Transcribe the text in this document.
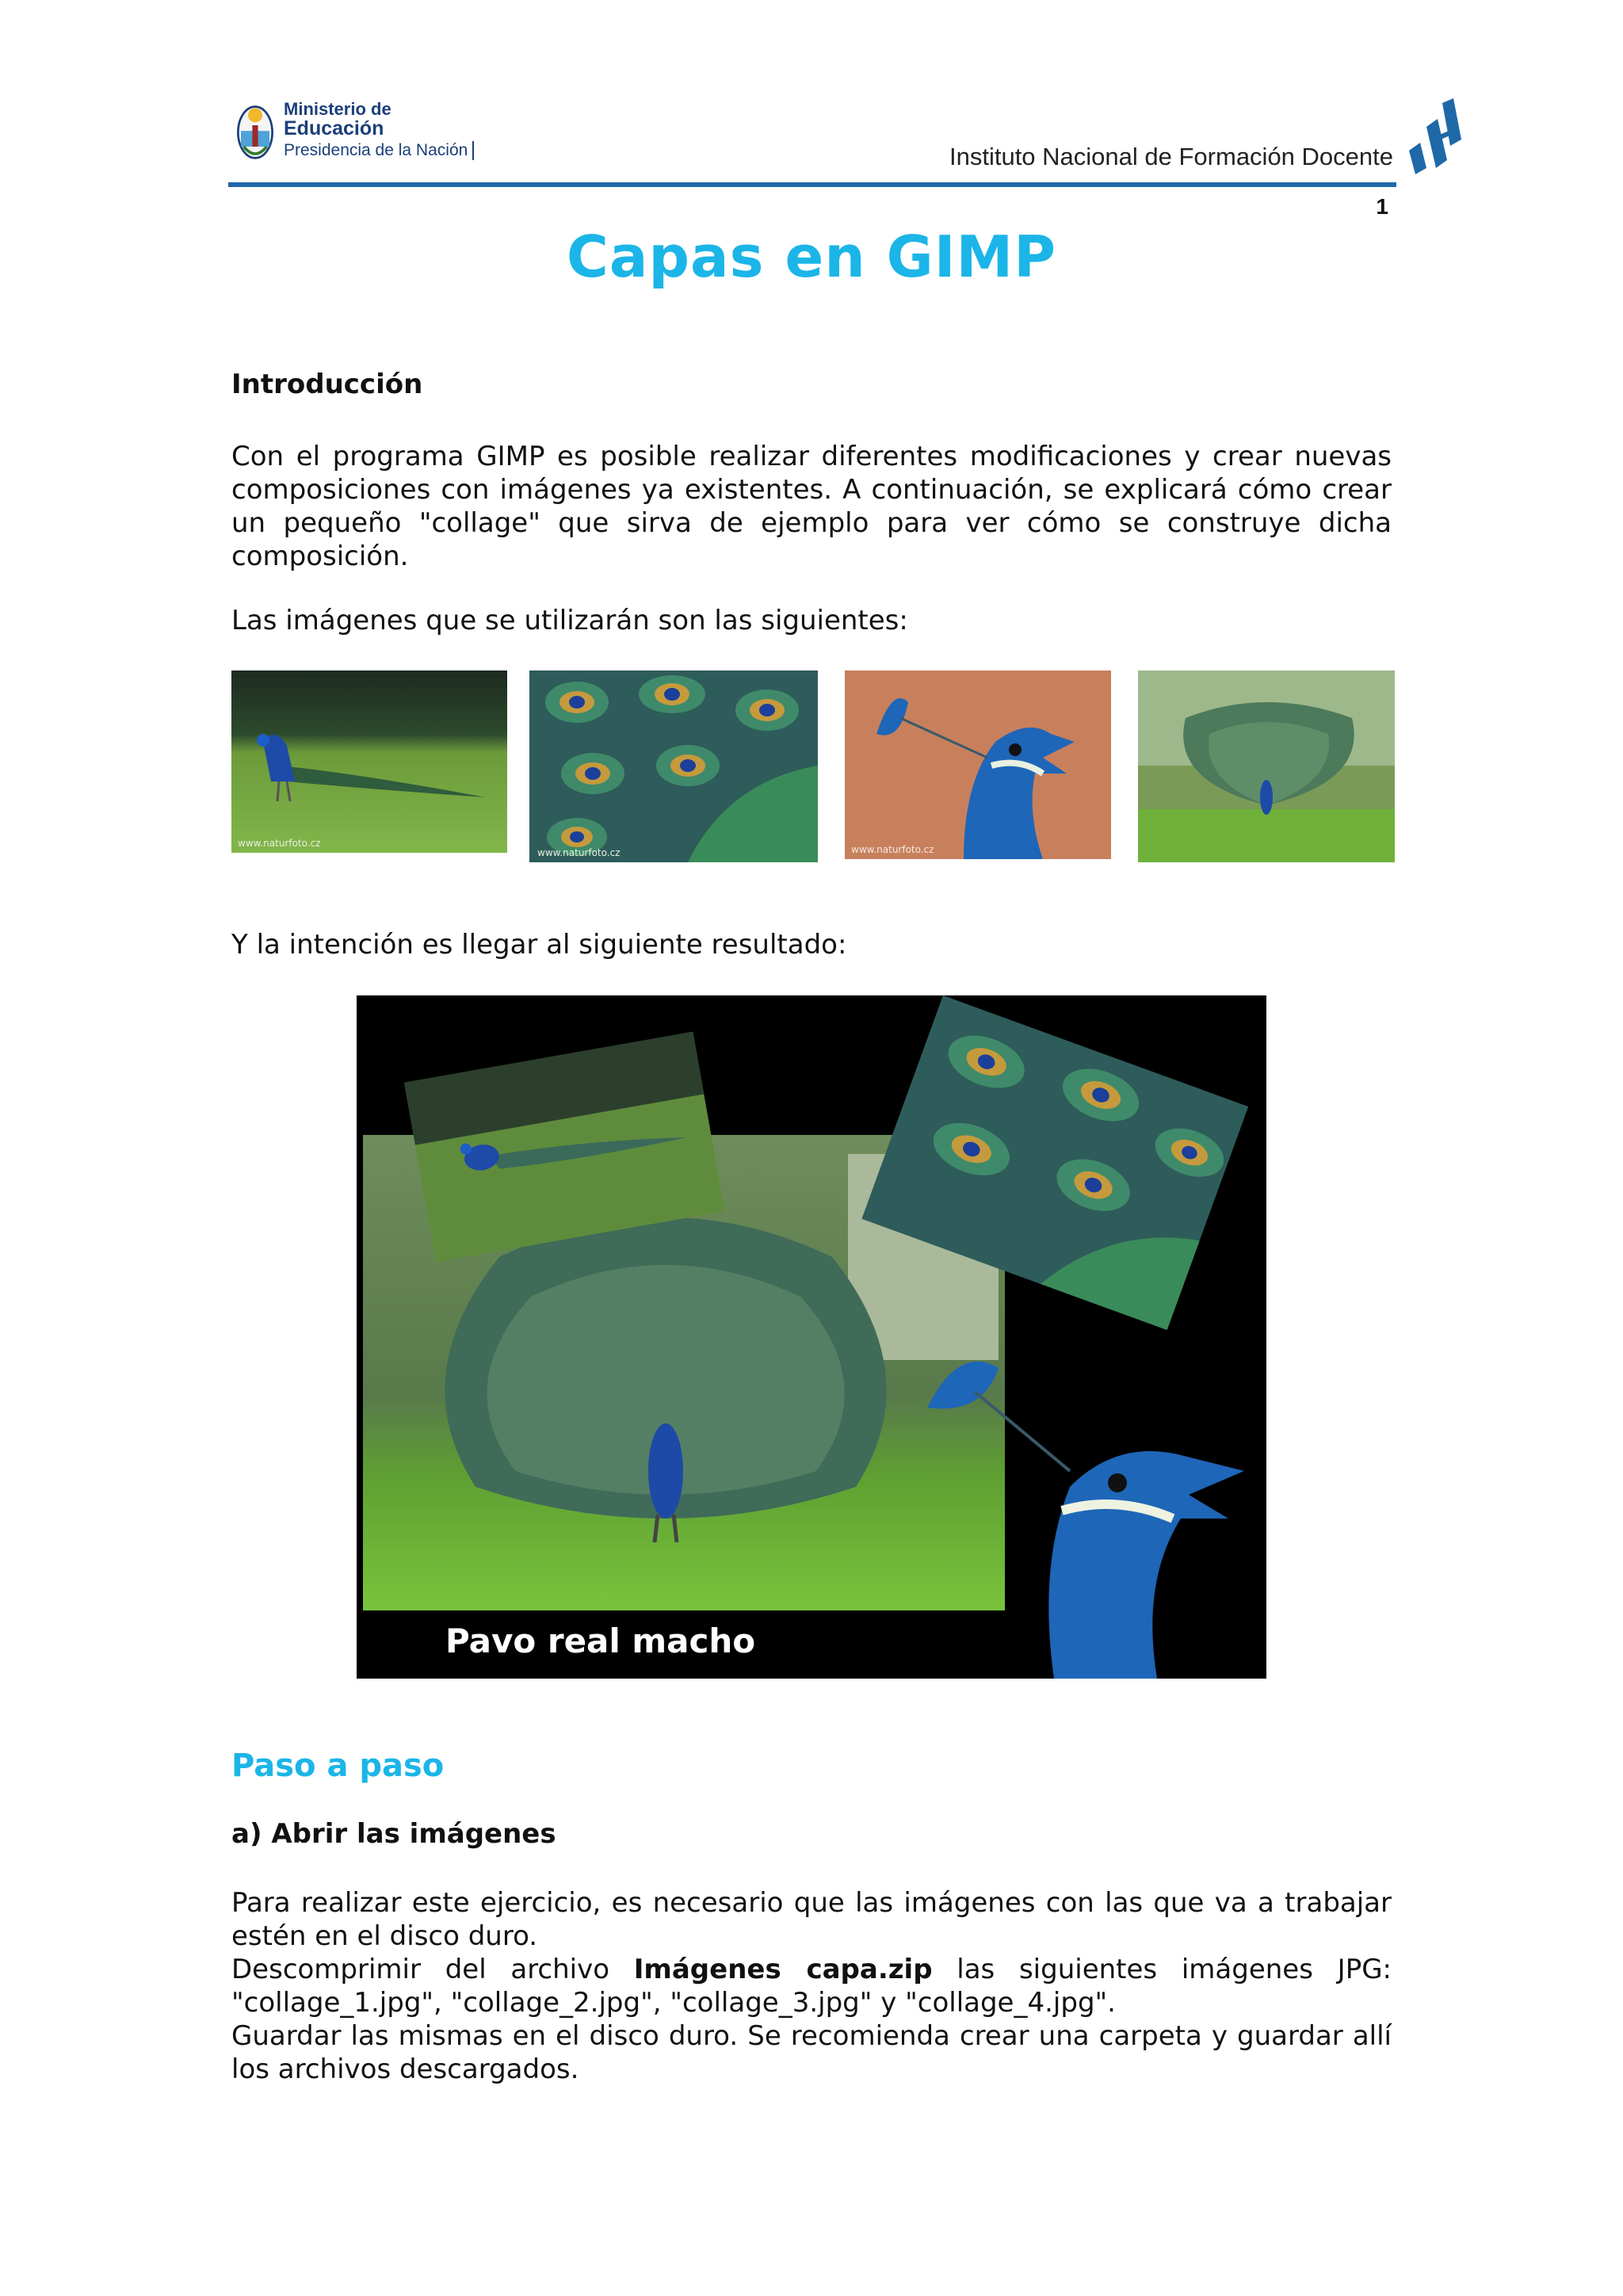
Ministerio de
Educación
Presidencia de la Nación	Instituto Nacional de Formación Docente
1
Capas en GIMP
Introducción

Con el programa GIMP es posible realizar diferentes modificaciones y crear nuevas composiciones con imágenes ya existentes. A continuación, se explicará cómo crear un pequeño "collage" que sirva de ejemplo para ver cómo se construye dicha composición.

Las imágenes que se utilizarán son las siguientes:
www.naturfoto.cz
www.naturfoto.cz	www.naturfoto.cz
Y la intención es llegar al siguiente resultado:
Pavo real macho
Paso a paso
a) Abrir las imágenes

Para realizar este ejercicio, es necesario que las imágenes con las que va a trabajar estén en el disco duro.

Descomprimir del archivo Imágenes capa.zip las siguientes imágenes JPG: "collage_1.jpg", "collage_2.jpg", "collage_3.jpg" y "collage_4.jpg".

Guardar las mismas en el disco duro. Se recomienda crear una carpeta y guardar allí los archivos descargados.
